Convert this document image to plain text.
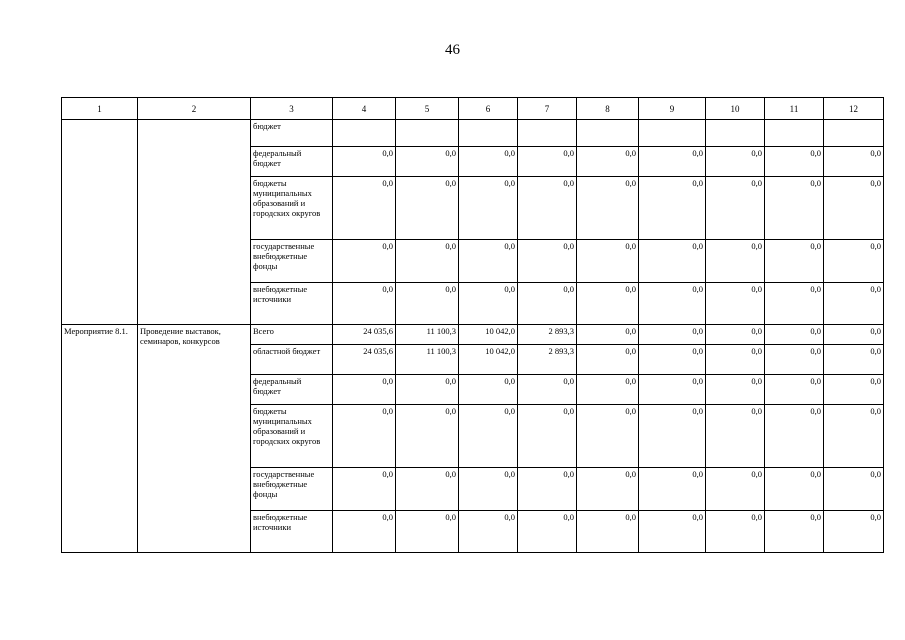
46
1	2	3	4	5	6	7	8	9	10	11	12
		бюджет									
		федеральный бюджет	0,0	0,0	0,0	0,0	0,0	0,0	0,0	0,0	0,0
		бюджеты муниципальных образований и городских округов	0,0	0,0	0,0	0,0	0,0	0,0	0,0	0,0	0,0
		государственные внебюджетные фонды	0,0	0,0	0,0	0,0	0,0	0,0	0,0	0,0	0,0
		внебюджетные источники	0,0	0,0	0,0	0,0	0,0	0,0	0,0	0,0	0,0
Мероприятие 8.1.	Проведение выставок, семинаров, конкурсов	Всего	24 035,6	11 100,3	10 042,0	2 893,3	0,0	0,0	0,0	0,0	0,0
		областной бюджет	24 035,6	11 100,3	10 042,0	2 893,3	0,0	0,0	0,0	0,0	0,0
		федеральный бюджет	0,0	0,0	0,0	0,0	0,0	0,0	0,0	0,0	0,0
		бюджеты муниципальных образований и городских округов	0,0	0,0	0,0	0,0	0,0	0,0	0,0	0,0	0,0
		государственные внебюджетные фонды	0,0	0,0	0,0	0,0	0,0	0,0	0,0	0,0	0,0
		внебюджетные источники	0,0	0,0	0,0	0,0	0,0	0,0	0,0	0,0	0,0
